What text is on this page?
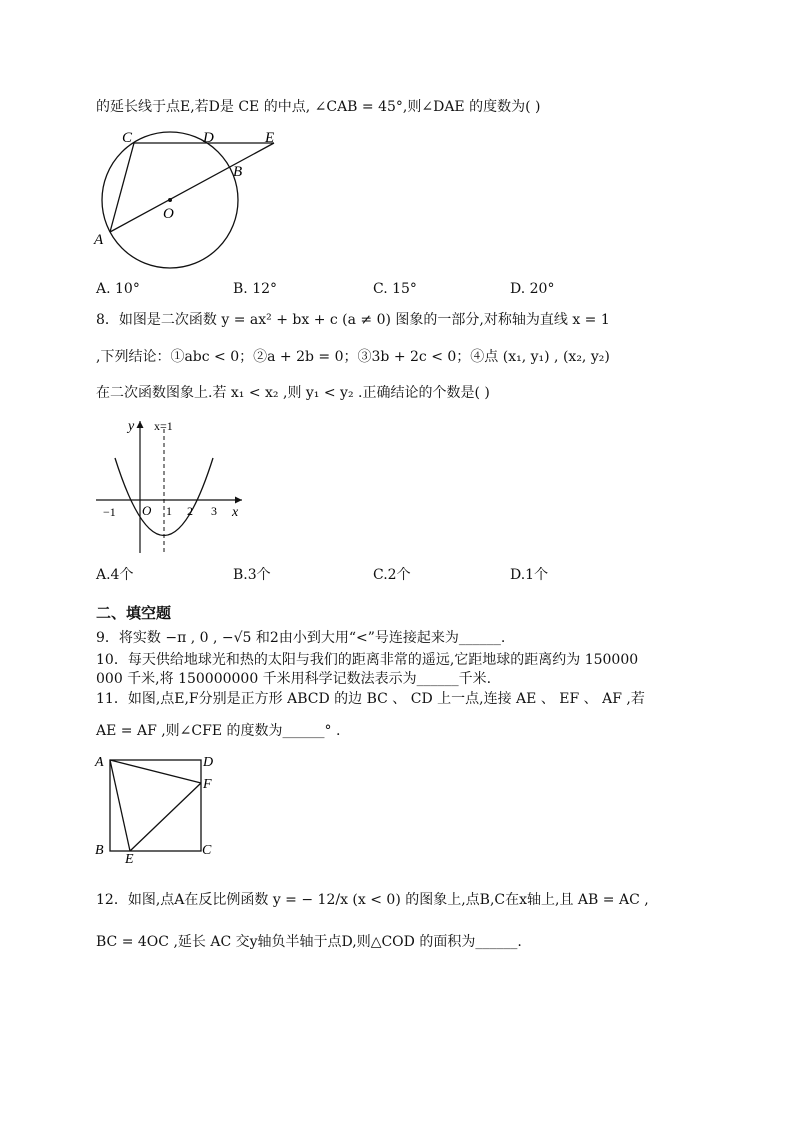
的延长线于点E,若D是 CE 的中点, ∠CAB = 45°,则∠DAE 的度数为( )
C	D	E
B
O
A
A. 10°	B. 12°	C. 15°	D. 20°
8．如图是二次函数 y = ax² + bx + c (a ≠ 0) 图象的一部分,对称轴为直线 x = 1
,下列结论：①abc < 0；②a + 2b = 0；③3b + 2c < 0；④点 (x₁, y₁) , (x₂, y₂)
在二次函数图象上.若 x₁ < x₂ ,则 y₁ < y₂ .正确结论的个数是( )
y x=1
−1 O 1 2 3 x
A.4个	B.3个	C.2个	D.1个
二、填空题
9．将实数 −π , 0 , −√5 和2由小到大用“<”号连接起来为______.
10．每天供给地球光和热的太阳与我们的距离非常的遥远,它距地球的距离约为 150000
000 千米,将 150000000 千米用科学记数法表示为______千米.
11．如图,点E,F分别是正方形 ABCD 的边 BC 、 CD 上一点,连接 AE 、 EF 、 AF ,若
AE = AF ,则∠CFE 的度数为______° .
A	D
F
B
E
C
12．如图,点A在反比例函数 y = − 12/x (x < 0) 的图象上,点B,C在x轴上,且 AB = AC ,
BC = 4OC ,延长 AC 交y轴负半轴于点D,则△COD 的面积为______.
